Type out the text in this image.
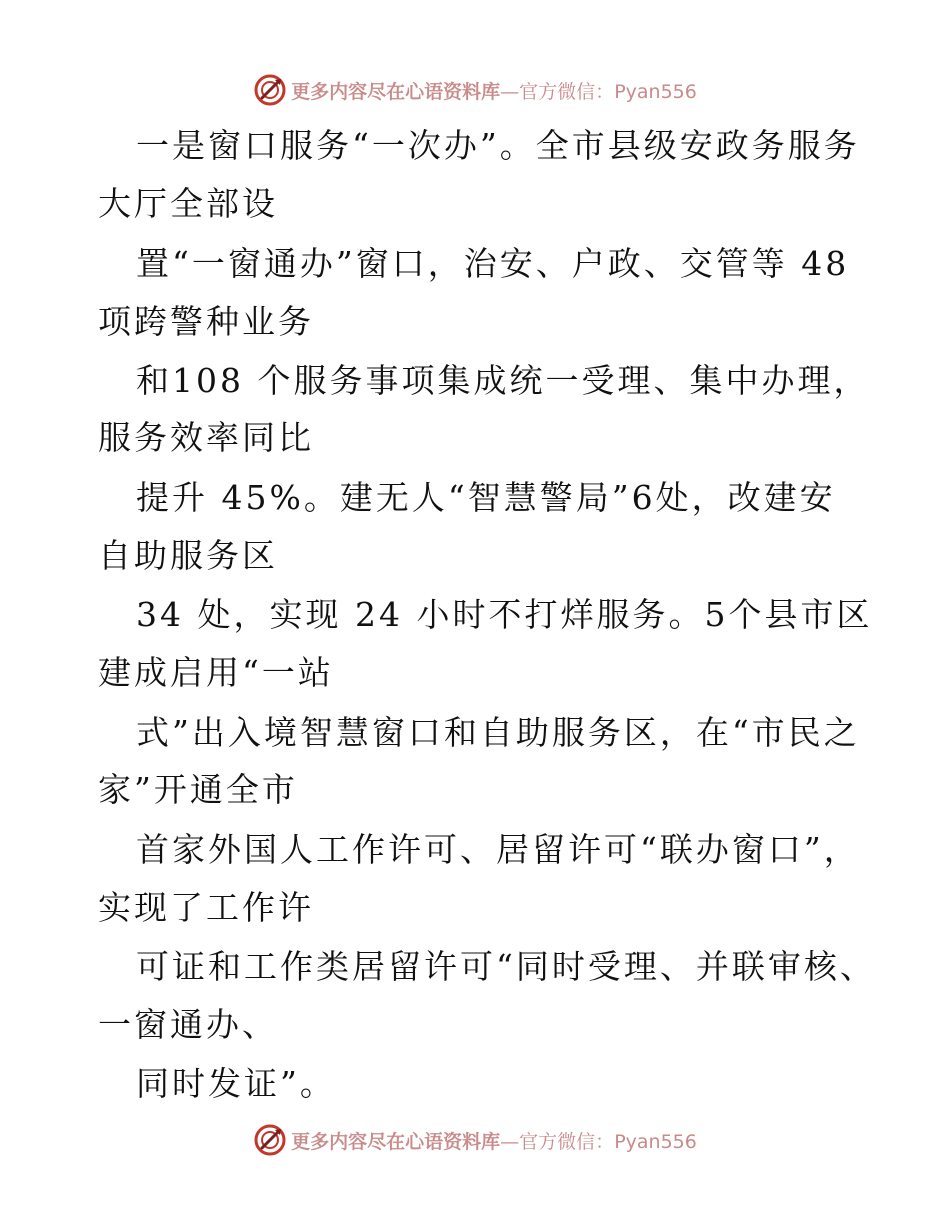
更多内容尽在心语资料库—官方微信：Pyan556
一是窗口服务“一次办”。全市县级安政务服务
大厅全部设
置“一窗通办”窗口，治安、户政、交管等 48
项跨警种业务
和108 个服务事项集成统一受理、集中办理，
服务效率同比
提升 45%。建无人“智慧警局”6处，改建安
自助服务区
34 处，实现 24 小时不打烊服务。5个县市区
建成启用“一站
式”出入境智慧窗口和自助服务区，在“市民之
家”开通全市
首家外国人工作许可、居留许可“联办窗口”，
实现了工作许
可证和工作类居留许可“同时受理、并联审核、
一窗通办、
同时发证”。
更多内容尽在心语资料库—官方微信：Pyan556
